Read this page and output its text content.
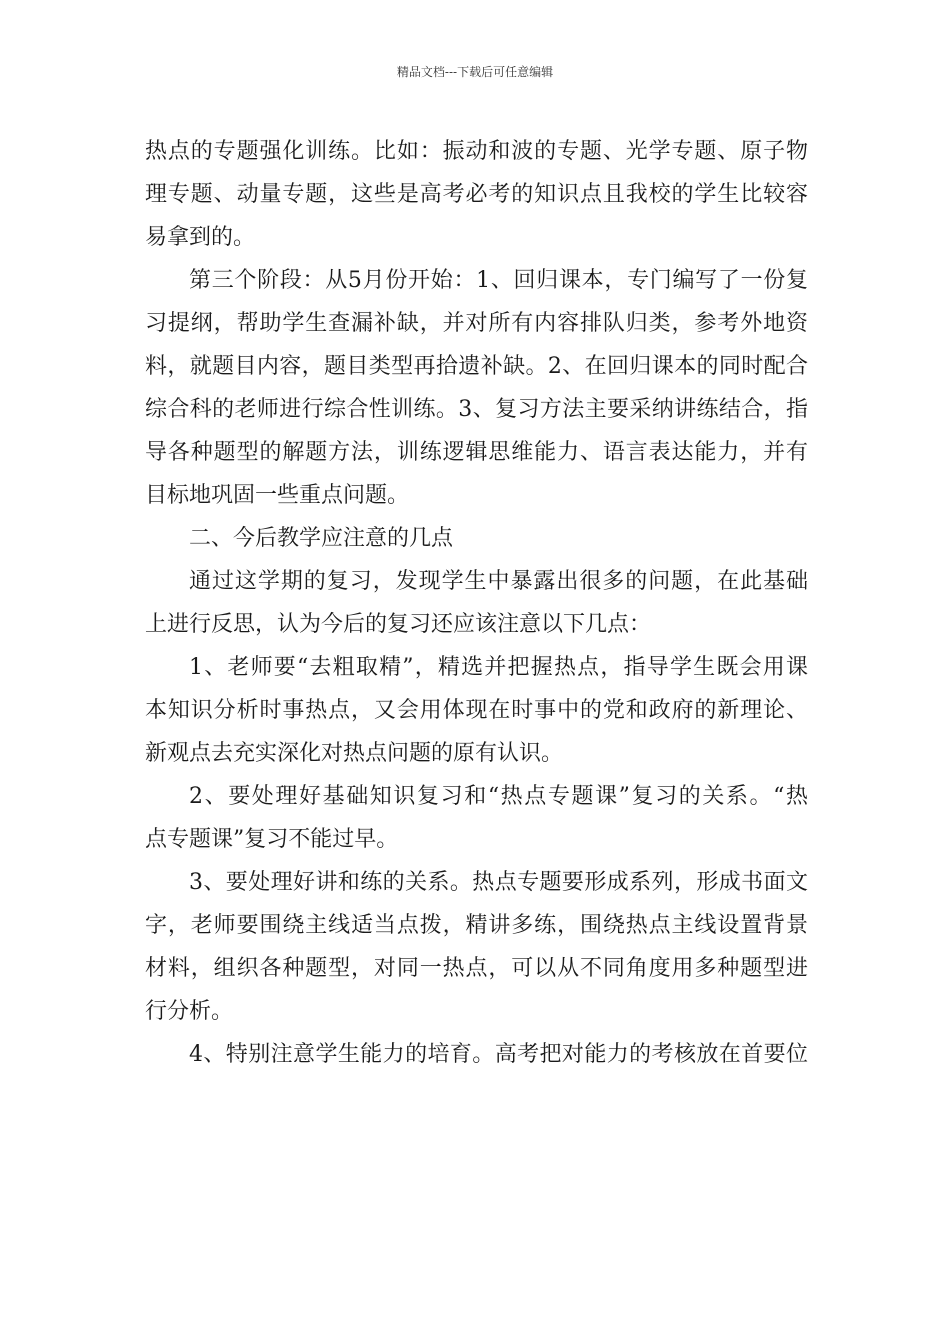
精品文档---下载后可任意编辑

热点的专题强化训练。比如：振动和波的专题、光学专题、原子物
理专题、动量专题，这些是高考必考的知识点且我校的学生比较容
易拿到的。

第三个阶段：从5月份开始：1、回归课本，专门编写了一份复
习提纲，帮助学生查漏补缺，并对所有内容排队归类，参考外地资
料，就题目内容，题目类型再拾遗补缺。2、在回归课本的同时配合
综合科的老师进行综合性训练。3、复习方法主要采纳讲练结合，指
导各种题型的解题方法，训练逻辑思维能力、语言表达能力，并有
目标地巩固一些重点问题。

二、今后教学应注意的几点

通过这学期的复习，发现学生中暴露出很多的问题，在此基础
上进行反思，认为今后的复习还应该注意以下几点：

1、老师要“去粗取精”，精选并把握热点，指导学生既会用课
本知识分析时事热点，又会用体现在时事中的党和政府的新理论、
新观点去充实深化对热点问题的原有认识。

2、要处理好基础知识复习和“热点专题课”复习的关系。“热
点专题课”复习不能过早。

3、要处理好讲和练的关系。热点专题要形成系列，形成书面文
字，老师要围绕主线适当点拨，精讲多练，围绕热点主线设置背景
材料，组织各种题型，对同一热点，可以从不同角度用多种题型进
行分析。

4、特别注意学生能力的培育。高考把对能力的考核放在首要位
